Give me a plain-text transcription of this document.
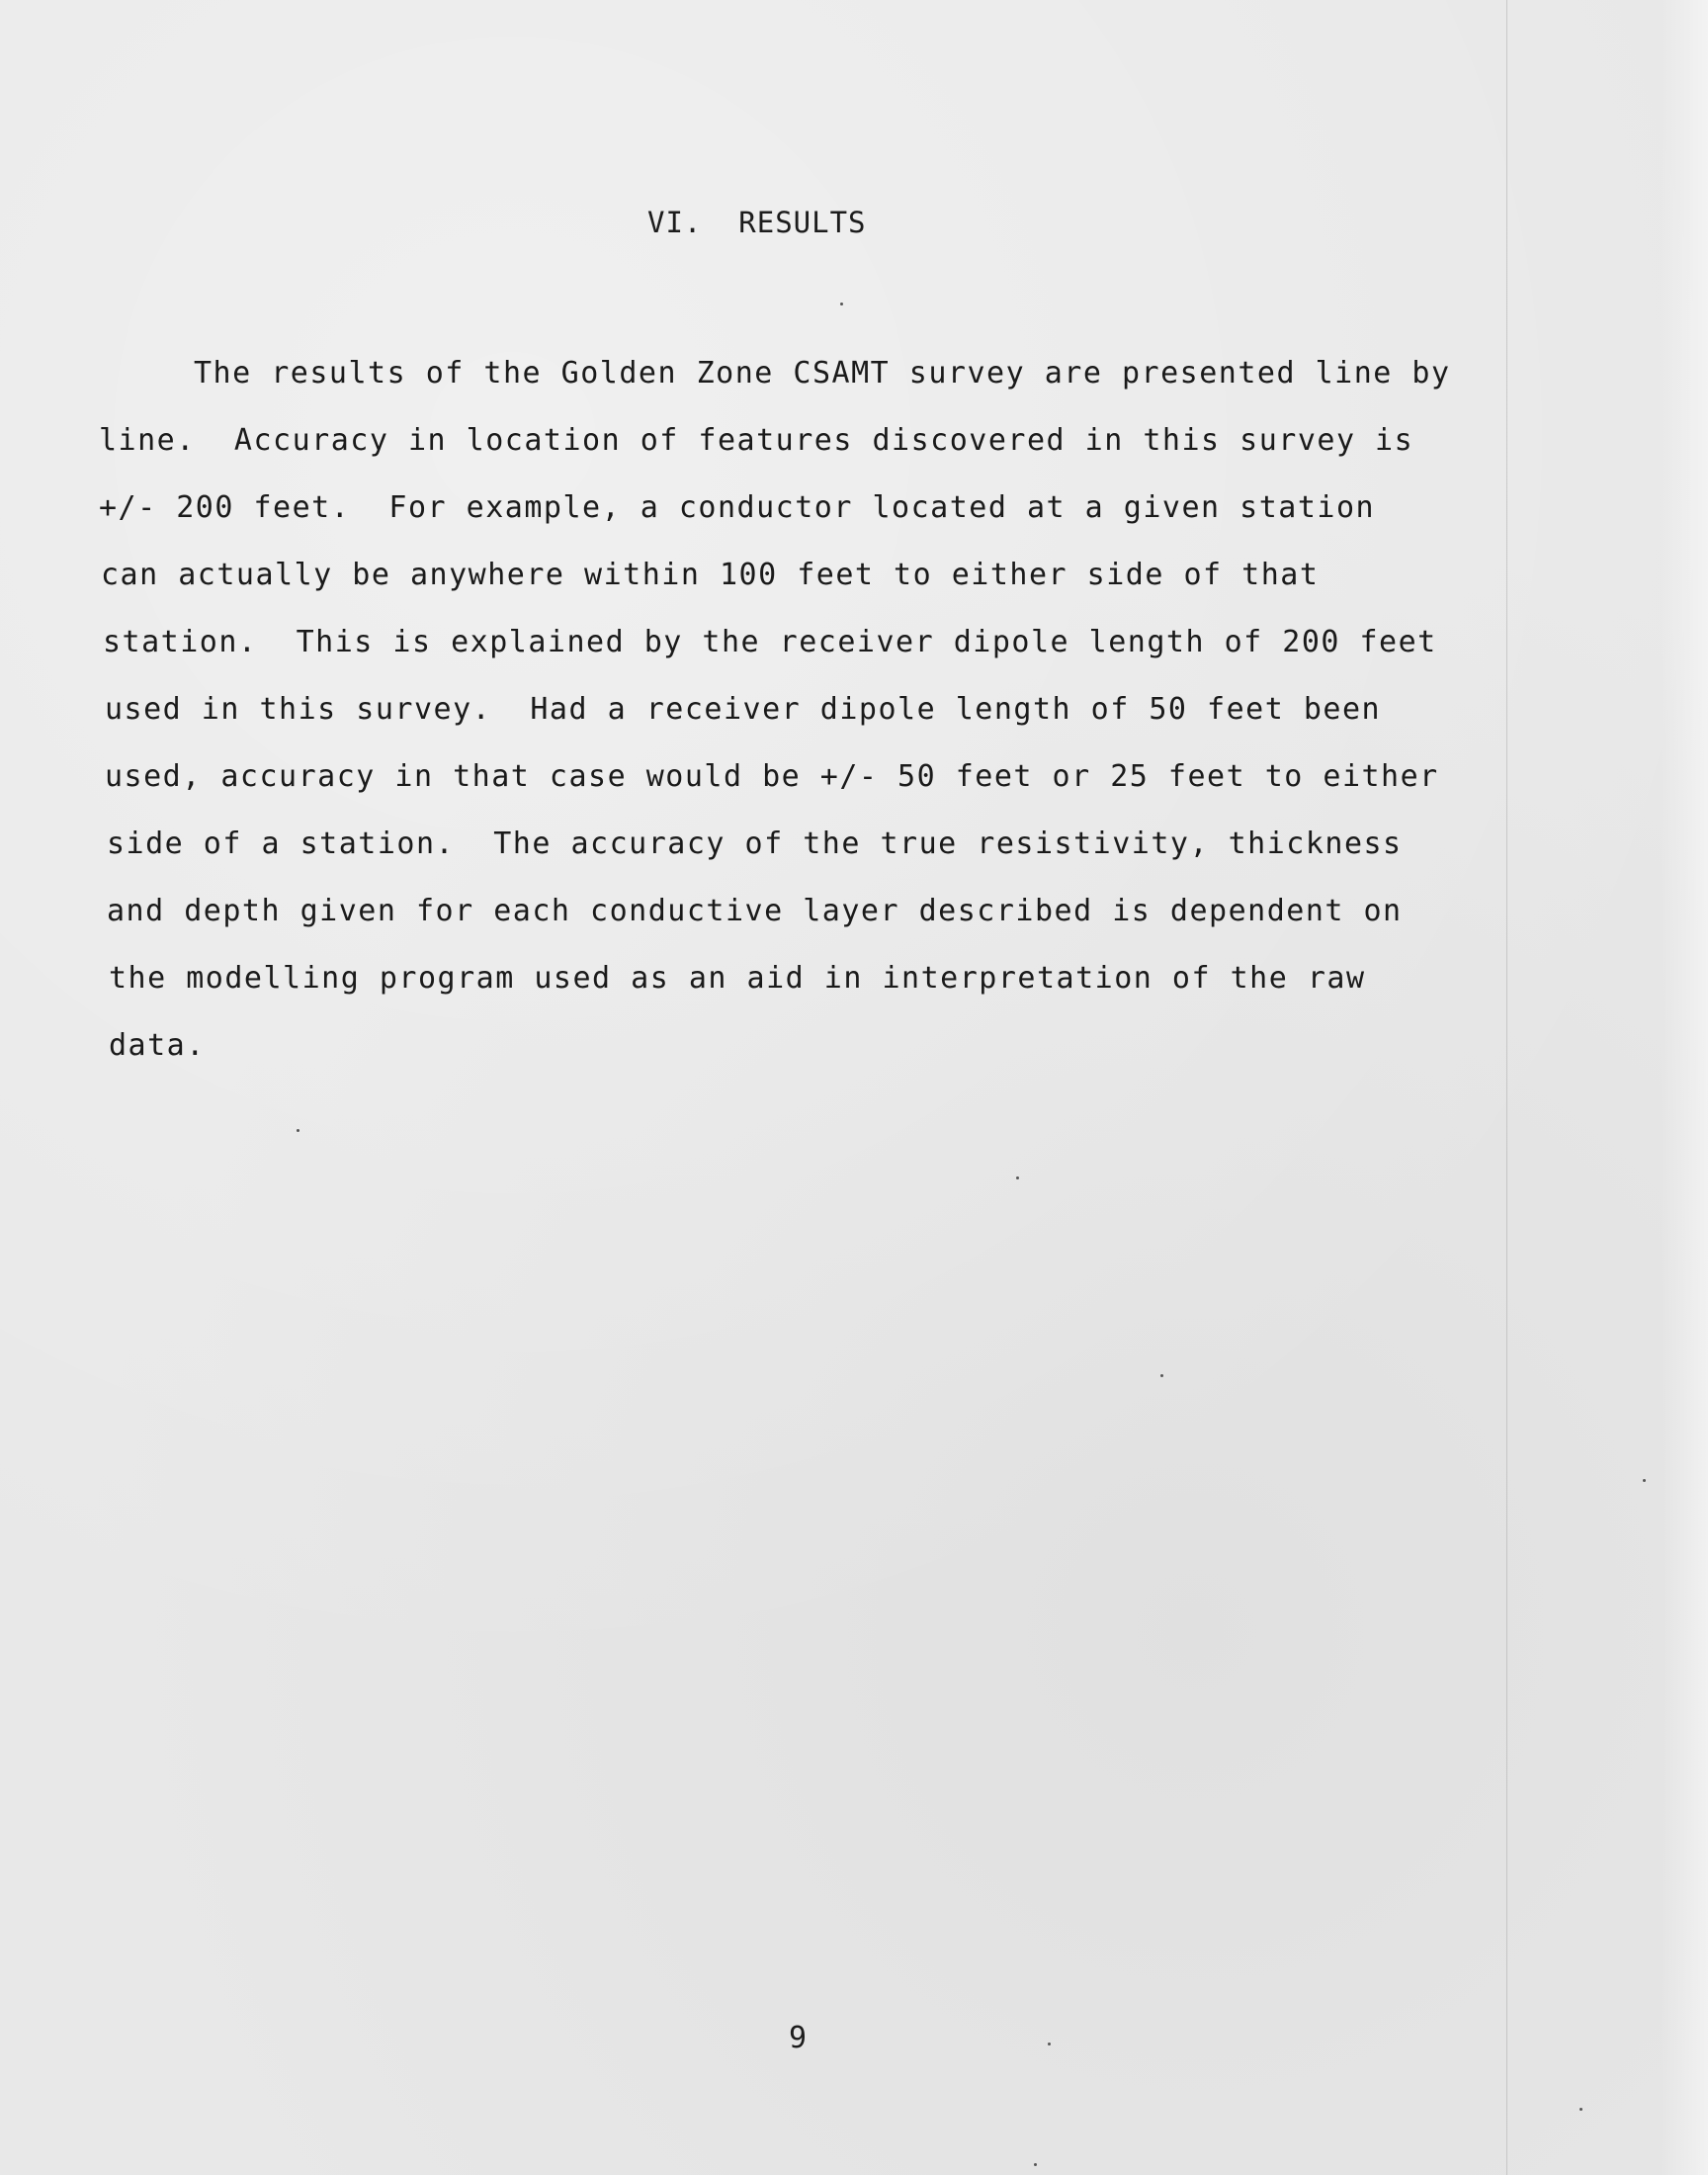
VI.  RESULTS
The results of the Golden Zone CSAMT survey are presented line by
line.  Accuracy in location of features discovered in this survey is
+/- 200 feet.  For example, a conductor located at a given station
can actually be anywhere within 100 feet to either side of that
station.  This is explained by the receiver dipole length of 200 feet
used in this survey.  Had a receiver dipole length of 50 feet been
used, accuracy in that case would be +/- 50 feet or 25 feet to either
side of a station.  The accuracy of the true resistivity, thickness
and depth given for each conductive layer described is dependent on
the modelling program used as an aid in interpretation of the raw
data.
9
